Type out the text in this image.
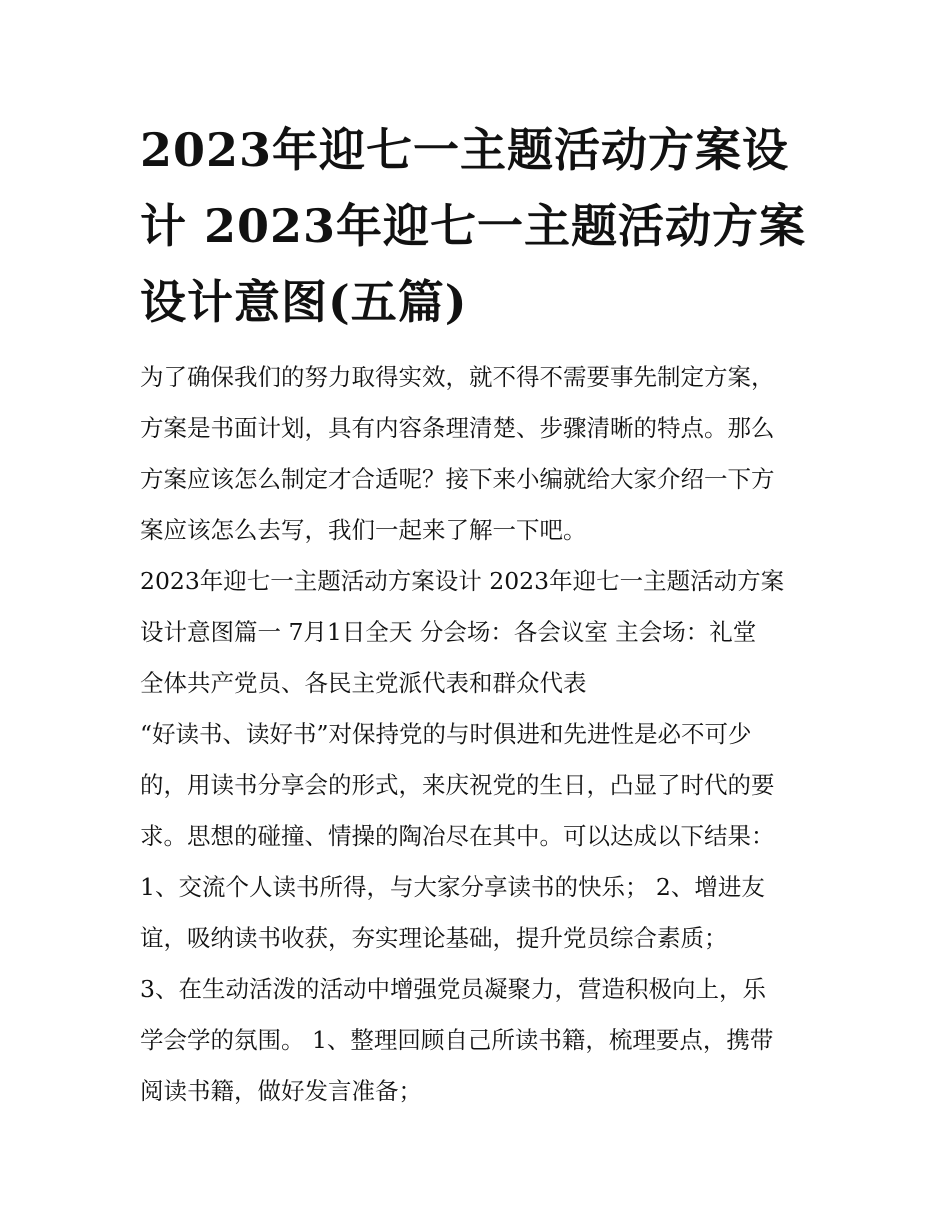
2023年迎七一主题活动方案设计 2023年迎七一主题活动方案设计意图(五篇)

为了确保我们的努力取得实效，就不得不需要事先制定方案，

方案是书面计划，具有内容条理清楚、步骤清晰的特点。那么

方案应该怎么制定才合适呢？接下来小编就给大家介绍一下方

案应该怎么去写，我们一起来了解一下吧。

2023年迎七一主题活动方案设计 2023年迎七一主题活动方案

设计意图篇一 7月1日全天 分会场：各会议室 主会场：礼堂

全体共产党员、各民主党派代表和群众代表

“好读书、读好书”对保持党的与时俱进和先进性是必不可少

的，用读书分享会的形式，来庆祝党的生日，凸显了时代的要

求。思想的碰撞、情操的陶冶尽在其中。可以达成以下结果：

1、交流个人读书所得，与大家分享读书的快乐； 2、增进友

谊，吸纳读书收获，夯实理论基础，提升党员综合素质；

3、在生动活泼的活动中增强党员凝聚力，营造积极向上，乐

学会学的氛围。 1、整理回顾自己所读书籍，梳理要点，携带

阅读书籍，做好发言准备；
